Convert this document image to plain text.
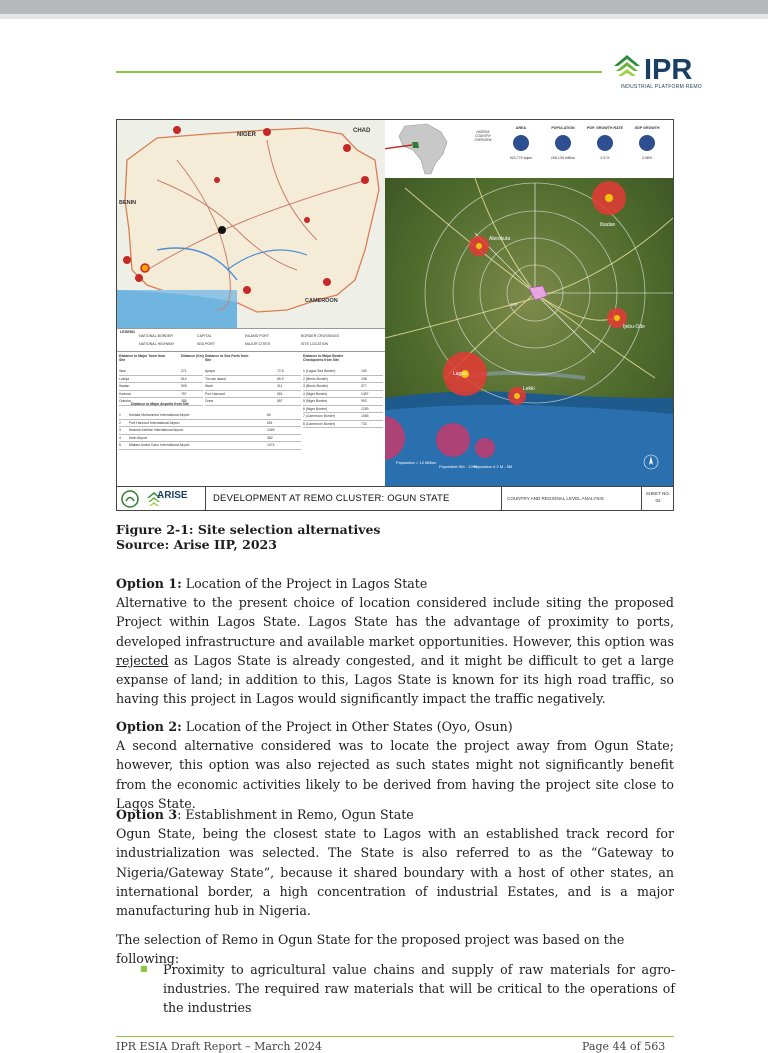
IPR
INDUSTRIAL PLATFORM REMO
NIGER
CHAD
BENIN
CAMEROON
LEGEND
NATIONAL BORDER	CAPITAL	INLAND PORT	BORDER CROSSINGS
NATIONAL HIGHWAY	SEA PORT	MAJOR CITIES	SITE LOCATION
Distance to Major Town from Site
Distance (Km) Distance to Sea Ports from Site
Distance to Major Border Checkpoints from Site
Ilara	271
Lokoja	614
Ibadan	905
Kaduna	787
Onitsha	385
Apapa	72.6
Tin can island	65.9
Warri	311
Port Harcourt	561
Onne	557
1 (Lagos Sea Border)	169
2 (Benin Border)	198
3 (Benin Border)	377
4 (Niger Border)	1457
5 (Niger Border)	993
6 (Niger Border)	1259
7 (Cameroon Border)	1065
8 (Cameroon Border)	733
Distance to Major Airports from Site
1	Murtala Muhammed International Airport	80
2	Port Harcourt International Airport	651
3	Nnamdi Azikiwe International Airport	1069
4	Ilorin Airport	382
5	Mallam Aminu Kano International Airport	1074
NIGERIA COUNTRY OVERVIEW
AREA
923,770 sqkm
POPULATION
206,139 million
POP. GROWTH RATE
2.5 %
GDP GROWTH
3.98%
Ibadan
Abeokuta
Ijebu-Ode
Lagos
Lekki
IIIP
Population > 12 Million
Population 5M - 10 M
Population 0.2 M - 5M
ARISE	DEVELOPMENT AT REMO CLUSTER: OGUN STATE	COUNTRY AND REGIONAL LEVEL ANALYSIS
SHEET NO.
02
Figure 2-1: Site selection alternatives
Source: Arise IIP, 2023
Option 1: Location of the Project in Lagos State
Alternative to the present choice of location considered include siting the proposed Project within Lagos State. Lagos State has the advantage of proximity to ports, developed infrastructure and available market opportunities. However, this option was rejected as Lagos State is already congested, and it might be difficult to get a large expanse of land; in addition to this, Lagos State is known for its high road traffic, so having this project in Lagos would significantly impact the traffic negatively.
Option 2: Location of the Project in Other States (Oyo, Osun)
A second alternative considered was to locate the project away from Ogun State; however, this option was also rejected as such states might not significantly benefit from the economic activities likely to be derived from having the project site close to Lagos State.
Option 3: Establishment in Remo, Ogun State
Ogun State, being the closest state to Lagos with an established track record for industrialization was selected. The State is also referred to as the “Gateway to Nigeria/Gateway State”, because it shared boundary with a host of other states, an international border, a high concentration of industrial Estates, and is a major manufacturing hub in Nigeria.
The selection of Remo in Ogun State for the proposed project was based on the following:
■ Proximity to agricultural value chains and supply of raw materials for agro-industries. The required raw materials that will be critical to the operations of the industries
IPR ESIA Draft Report – March 2024	Page 44 of 563
